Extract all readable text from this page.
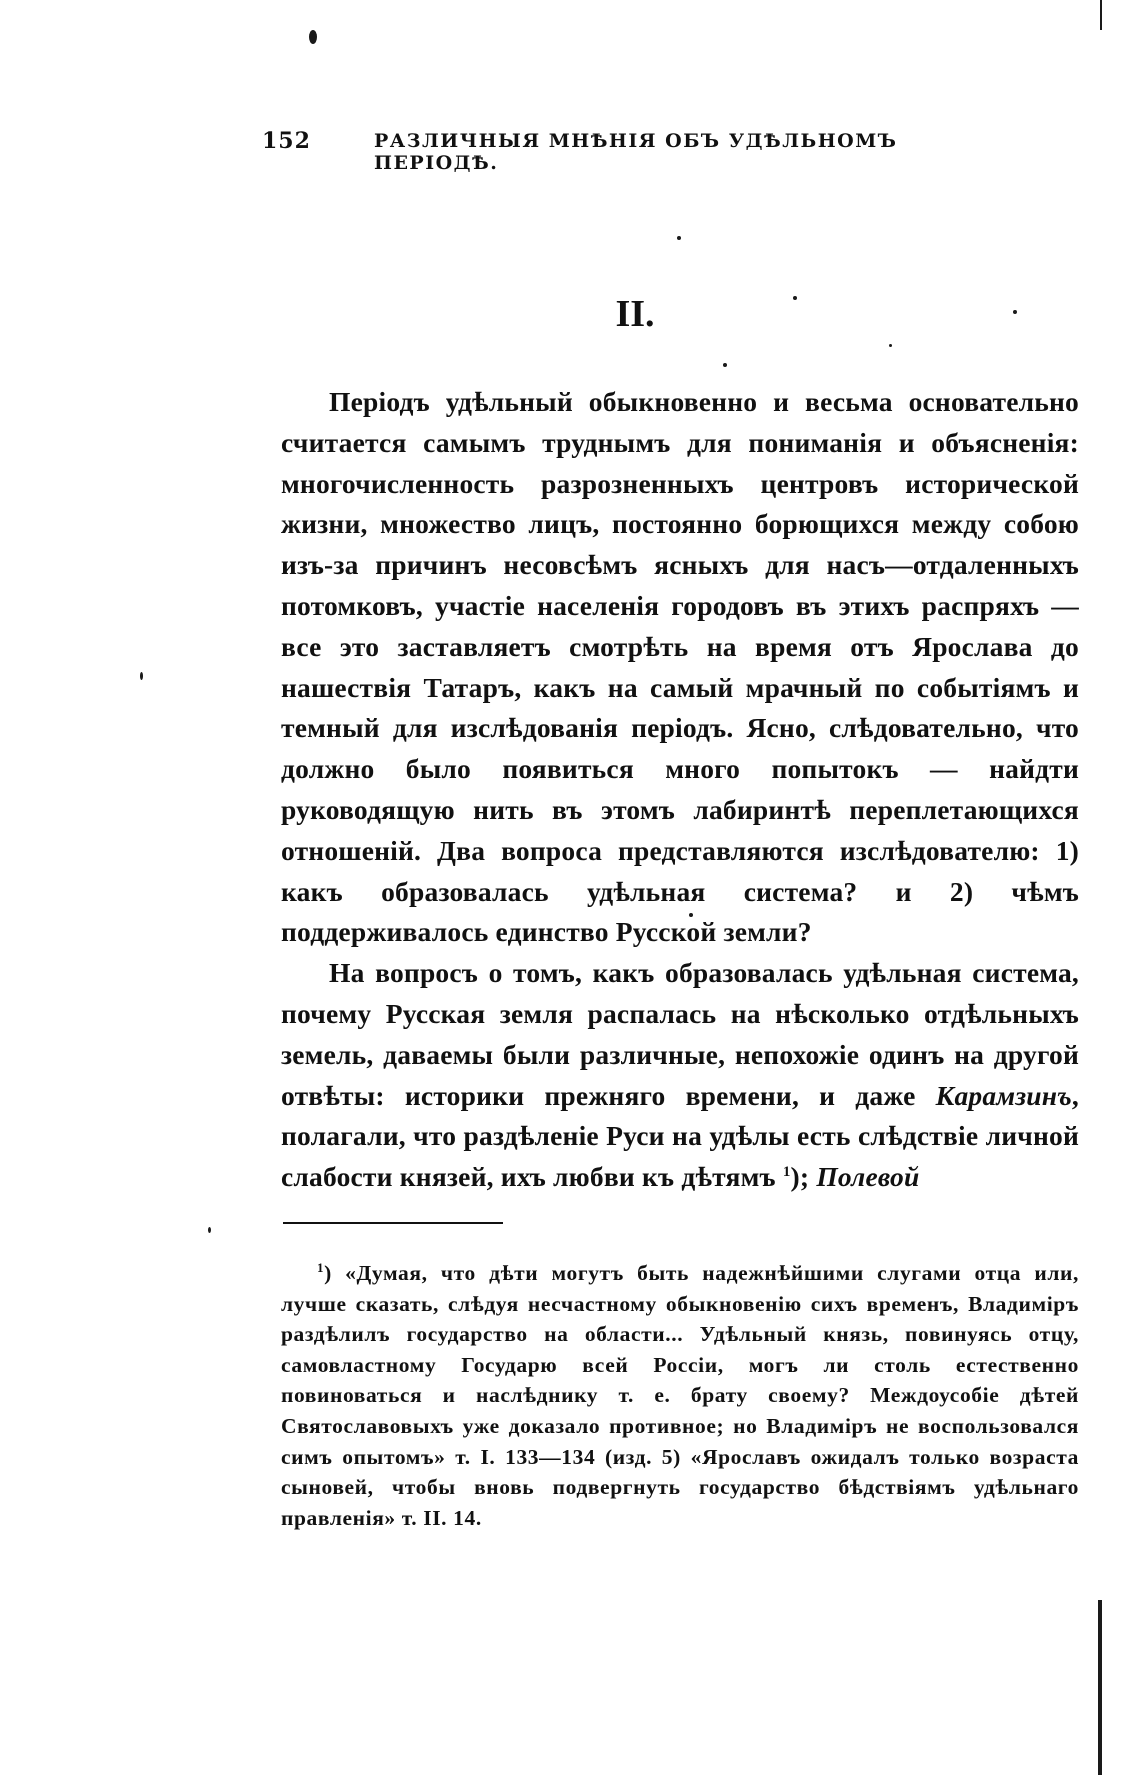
152	РАЗЛИЧНЫЯ МНѢНІЯ ОБЪ УДѢЛЬНОМЪ ПЕРІОДѢ.
II.

Періодъ удѣльный обыкновенно и весьма основательно считается самымъ труднымъ для пониманія и объясненія: многочисленность разрозненныхъ центровъ исторической жизни, множество лицъ, постоянно борющихся между собою изъ-за причинъ несовсѣмъ ясныхъ для насъ—отдаленныхъ потомковъ, участіе населенія городовъ въ этихъ распряхъ — все это заставляетъ смотрѣть на время отъ Ярослава до нашествія Татаръ, какъ на самый мрачный по событіямъ и темный для изслѣдованія періодъ. Ясно, слѣдовательно, что должно было появиться много попытокъ — найдти руководящую нить въ этомъ лабиринтѣ переплетающихся отношеній. Два вопроса представляются изслѣдователю: 1) какъ образовалась удѣльная система? и 2) чѣмъ поддерживалось единство Русской земли?

На вопросъ о томъ, какъ образовалась удѣльная система, почему Русская земля распалась на нѣсколько отдѣльныхъ земель, даваемы были различные, непохожіе одинъ на другой отвѣты: историки прежняго времени, и даже Карамзинъ, полагали, что раздѣленіе Руси на удѣлы есть слѣдствіе личной слабости князей, ихъ любви къ дѣтямъ $^1$); Полевой

$^1$) «Думая, что дѣти могутъ быть надежнѣйшими слугами отца или, лучше сказать, слѣдуя несчастному обыкновенію сихъ временъ, Владиміръ раздѣлилъ государство на области... Удѣльный князь, повинуясь отцу, самовластному Государю всей Россіи, могъ ли столь естественно повиноваться и наслѣднику т. е. брату своему? Междоусобіе дѣтей Святославовыхъ уже доказало противное; но Владиміръ не воспользовался симъ опытомъ» т. I. 133—134 (изд. 5) «Ярославъ ожидалъ только возраста сыновей, чтобы вновь подвергнуть государство бѣдствіямъ удѣльнаго правленія» т. II. 14.
